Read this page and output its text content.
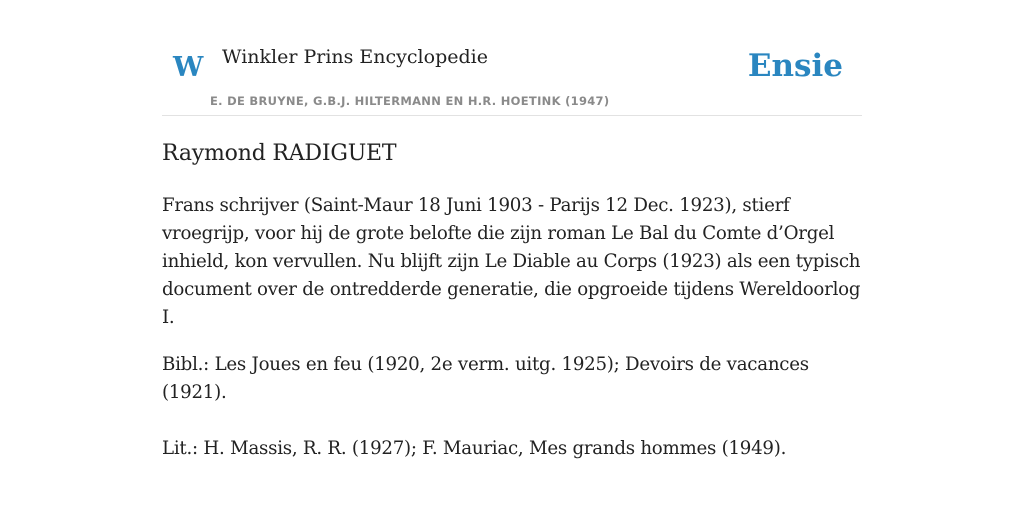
W Winkler Prins Encyclopedie
E. DE BRUYNE, G.B.J. HILTERMANN EN H.R. HOETINK (1947)
Ensie
Raymond RADIGUET

Frans schrijver (Saint-Maur 18 Juni 1903 - Parijs 12 Dec. 1923), stierf vroegrijp, voor hij de grote belofte die zijn roman Le Bal du Comte d’Orgel inhield, kon vervullen. Nu blijft zijn Le Diable au Corps (1923) als een typisch document over de ontredderde generatie, die opgroeide tijdens Wereldoorlog I.

Bibl.: Les Joues en feu (1920, 2e verm. uitg. 1925); Devoirs de vacances (1921).

Lit.: H. Massis, R. R. (1927); F. Mauriac, Mes grands hommes (1949).
